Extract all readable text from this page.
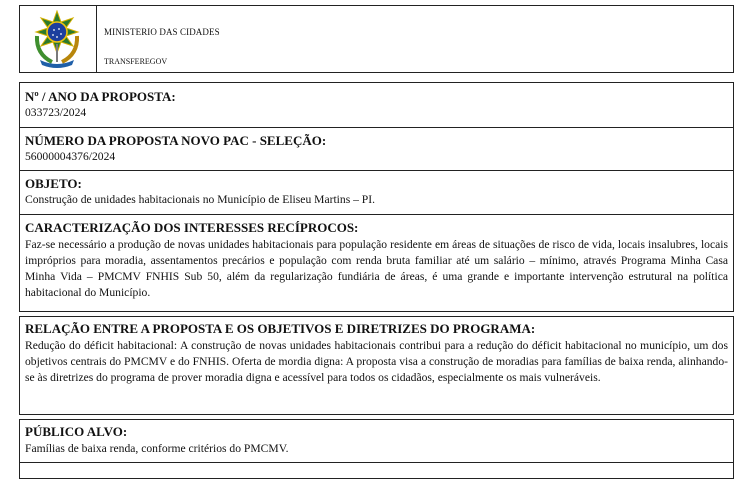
MINISTERIO DAS CIDADES
TRANSFEREGOV
Nº / ANO DA PROPOSTA:
033723/2024
NÚMERO DA PROPOSTA NOVO PAC - SELEÇÃO:
56000004376/2024
OBJETO:
Construção de unidades habitacionais no Município de Eliseu Martins – PI.
CARACTERIZAÇÃO DOS INTERESSES RECÍPROCOS:
Faz-se necessário a produção de novas unidades habitacionais para população residente em áreas de situações de risco de vida, locais insalubres, locais impróprios para moradia, assentamentos precários e população com renda bruta familiar até um salário – mínimo, através Programa Minha Casa Minha Vida – PMCMV FNHIS Sub 50, além da regularização fundiária de áreas, é uma grande e importante intervenção estrutural na política habitacional do Município.
RELAÇÃO ENTRE A PROPOSTA E OS OBJETIVOS E DIRETRIZES DO PROGRAMA:
Redução do déficit habitacional: A construção de novas unidades habitacionais contribui para a redução do déficit habitacional no município, um dos objetivos centrais do PMCMV e do FNHIS. Oferta de mordia digna: A proposta visa a construção de moradias para famílias de baixa renda, alinhando-se às diretrizes do programa de prover moradia digna e acessível para todos os cidadãos, especialmente os mais vulneráveis.
PÚBLICO ALVO:
Famílias de baixa renda, conforme critérios do PMCMV.
